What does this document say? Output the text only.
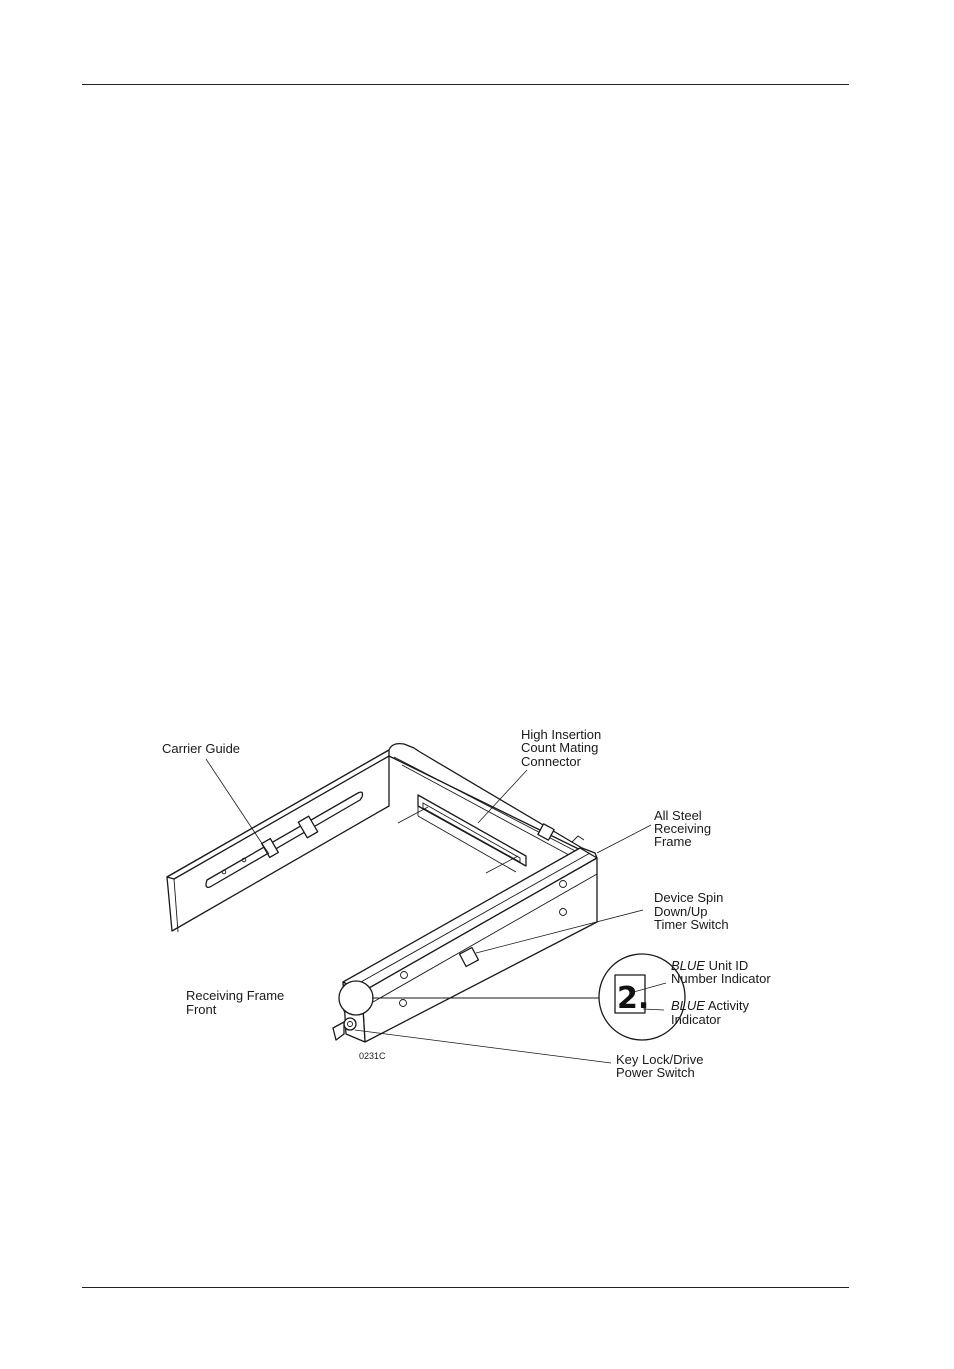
2.
Carrier Guide
High Insertion
Count Mating
Connector
All Steel
Receiving
Frame
Device Spin
Down/Up
Timer Switch
BLUE Unit ID
Number Indicator
BLUE Activity
Indicator
Receiving Frame
Front
Key Lock/Drive
Power Switch
0231C
